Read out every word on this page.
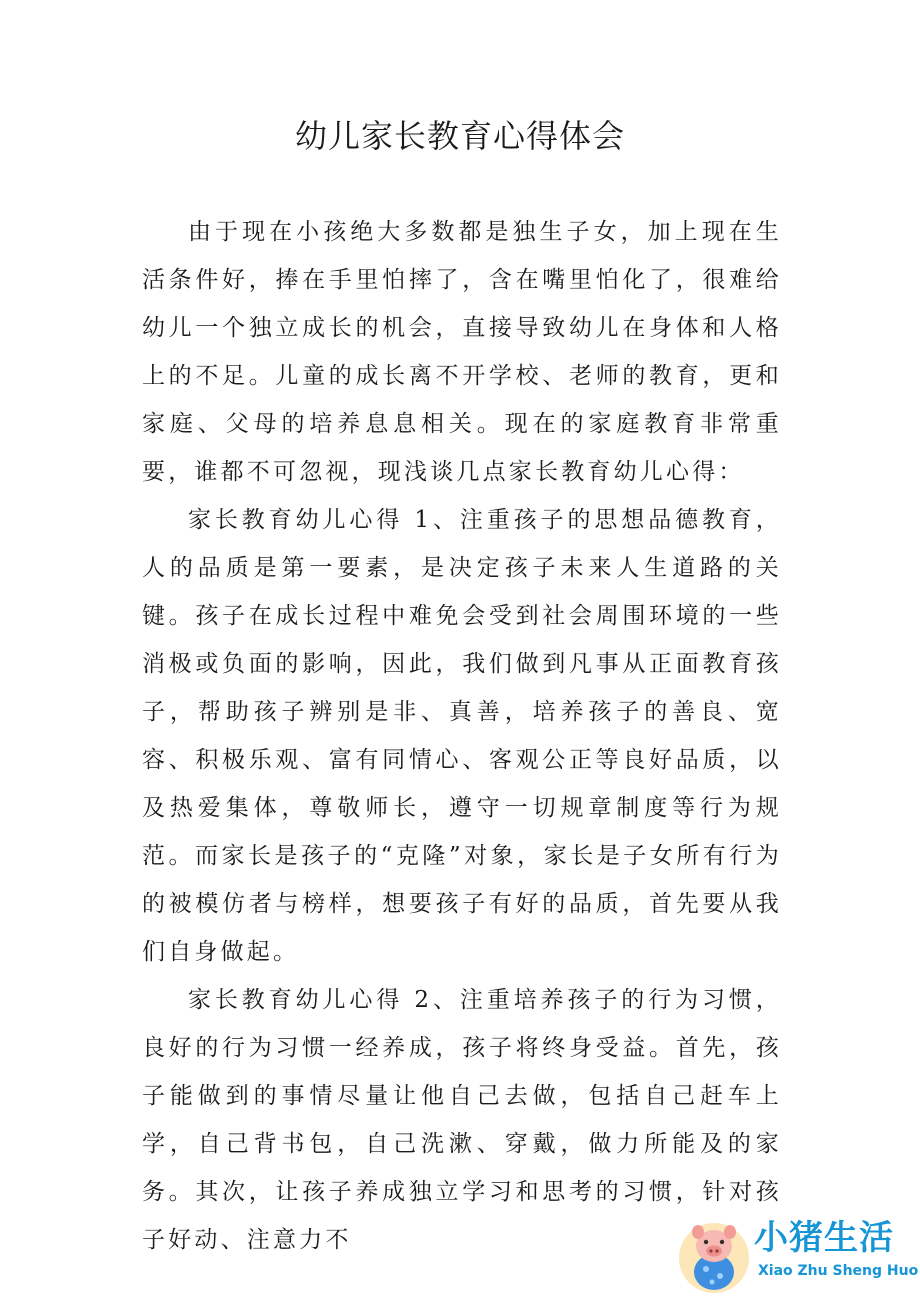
幼儿家长教育心得体会

由于现在小孩绝大多数都是独生子女，加上现在生活条件好，捧在手里怕摔了，含在嘴里怕化了，很难给幼儿一个独立成长的机会，直接导致幼儿在身体和人格上的不足。儿童的成长离不开学校、老师的教育，更和家庭、父母的培养息息相关。现在的家庭教育非常重要，谁都不可忽视，现浅谈几点家长教育幼儿心得：

家长教育幼儿心得 1、注重孩子的思想品德教育，人的品质是第一要素，是决定孩子未来人生道路的关键。孩子在成长过程中难免会受到社会周围环境的一些消极或负面的影响，因此，我们做到凡事从正面教育孩子，帮助孩子辨别是非、真善，培养孩子的善良、宽容、积极乐观、富有同情心、客观公正等良好品质，以及热爱集体，尊敬师长，遵守一切规章制度等行为规范。而家长是孩子的“克隆”对象，家长是子女所有行为的被模仿者与榜样，想要孩子有好的品质，首先要从我们自身做起。

家长教育幼儿心得 2、注重培养孩子的行为习惯，良好的行为习惯一经养成，孩子将终身受益。首先，孩子能做到的事情尽量让他自己去做，包括自己赶车上学，自己背书包，自己洗漱、穿戴，做力所能及的家务。其次，让孩子养成独立学习和思考的习惯，针对孩子好动、注意力不	小猪生活
Xiao Zhu Sheng Huo
